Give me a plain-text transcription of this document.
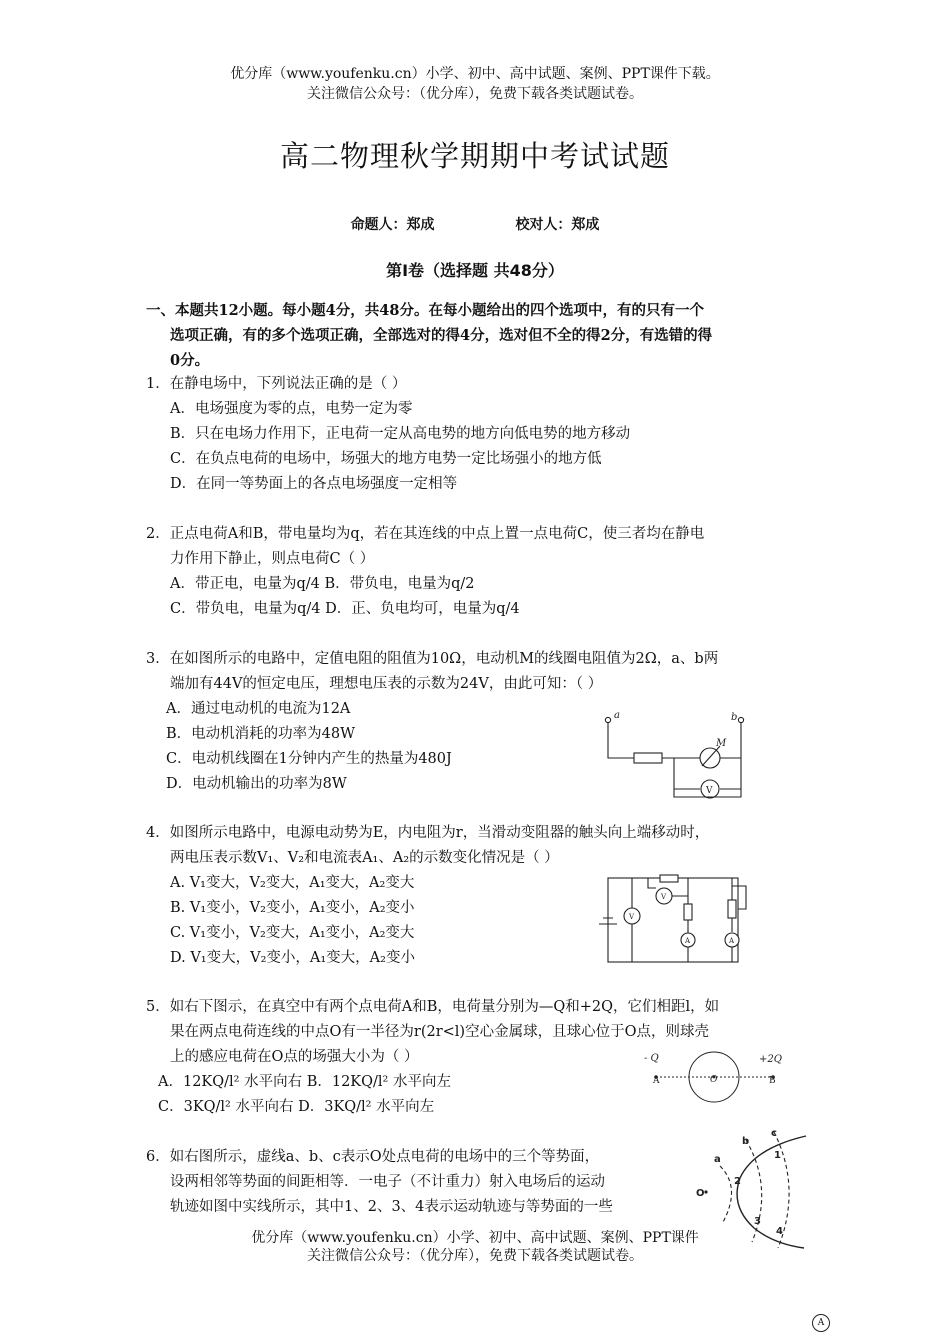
优分库（www.youfenku.cn）小学、初中、高中试题、案例、PPT课件下载。
关注微信公众号：（优分库），免费下载各类试题试卷。
高二物理秋学期期中考试试题
命题人：郑成	校对人：郑成
第Ⅰ卷（选择题 共48分）
一、本题共12小题。每小题4分，共48分。在每小题给出的四个选项中，有的只有一个
选项正确，有的多个选项正确，全部选对的得4分，选对但不全的得2分，有选错的得
0分。
1．在静电场中，下列说法正确的是（ ）
A．电场强度为零的点，电势一定为零
B．只在电场力作用下，正电荷一定从高电势的地方向低电势的地方移动
C．在负点电荷的电场中，场强大的地方电势一定比场强小的地方低
D．在同一等势面上的各点电场强度一定相等
2．正点电荷A和B，带电量均为q，若在其连线的中点上置一点电荷C，使三者均在静电
力作用下静止，则点电荷C（ ）
A．带正电，电量为q/4 B．带负电，电量为q/2
C．带负电，电量为q/4 D．正、负电均可，电量为q/4
3．在如图所示的电路中，定值电阻的阻值为10Ω，电动机M的线圈电阻值为2Ω，a、b两
端加有44V的恒定电压，理想电压表的示数为24V，由此可知：（ ）
A．通过电动机的电流为12A
B．电动机消耗的功率为48W
C．电动机线圈在1分钟内产生的热量为480J
D．电动机输出的功率为8W
a	b
M
V
4．如图所示电路中，电源电动势为E，内电阻为r，当滑动变阻器的触头向上端移动时，
两电压表示数V₁、V₂和电流表A₁、A₂的示数变化情况是（ ）
A. V₁变大，V₂变大，A₁变大，A₂变大
B. V₁变小，V₂变小，A₁变小，A₂变小
C. V₁变小，V₂变大，A₁变小，A₂变大
D. V₁变大，V₂变小，A₁变大，A₂变小
V
V
A	A
5．如右下图示，在真空中有两个点电荷A和B，电荷量分别为—Q和+2Q，它们相距l，如
果在两点电荷连线的中点O有一半径为r(2r<l)空心金属球，且球心位于O点，则球壳
上的感应电荷在O点的场强大小为（ ）
A．12KQ/l² 水平向右 B．12KQ/l² 水平向左
C．3KQ/l² 水平向右 D．3KQ/l² 水平向左
- Q	+2Q
A	O	B
6．如右图所示，虚线a、b、c表示O处点电荷的电场中的三个等势面，
设两相邻等势面的间距相等．一电子（不计重力）射入电场后的运动
轨迹如图中实线所示，其中1、2、3、4表示运动轨迹与等势面的一些
a
b
c
O
1
2
3
4
优分库（www.youfenku.cn）小学、初中、高中试题、案例、PPT课件
关注微信公众号：（优分库），免费下载各类试题试卷。
A
